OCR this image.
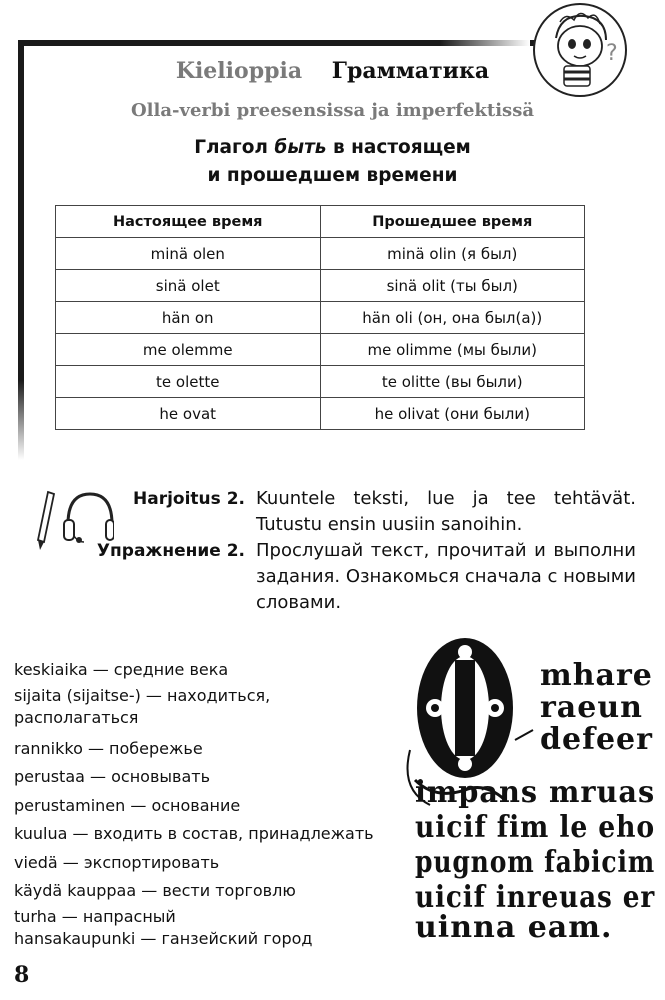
?
Kielioppia Грамматика
Olla-verbi preesensissa ja imperfektissä
Глагол быть в настоящем
и прошедшем времени
Настоящее время	Прошедшее время
minä olen	minä olin (я был)
sinä olet	sinä olit (ты был)
hän on	hän oli (он, она был(а))
me olemme	me olimme (мы были)
te olette	te olitte (вы были)
he ovat	he olivat (они были)
Harjoitus 2. Kuuntele teksti, lue ja tee tehtävät. Tutustu ensin uusiin sanoihin.
Упражнение 2. Прослушай текст, прочитай и выполни задания. Ознакомься сначала с новыми словами.
keskiaika — средние века
sijaita (sijaitse-) — находиться, располагаться
rannikko — побережье
perustaa — основывать
perustaminen — основание
kuulua — входить в состав, принадлежать
viedä — экспортировать
käydä kauppaa — вести торговлю
turha — напрасный
hansakaupunki — ганзейский город
mhare
raeun
defeer
impans mruas
uicif fim le eho
pugnom fabicim
uicif inreuas er
uinna eam.
8
